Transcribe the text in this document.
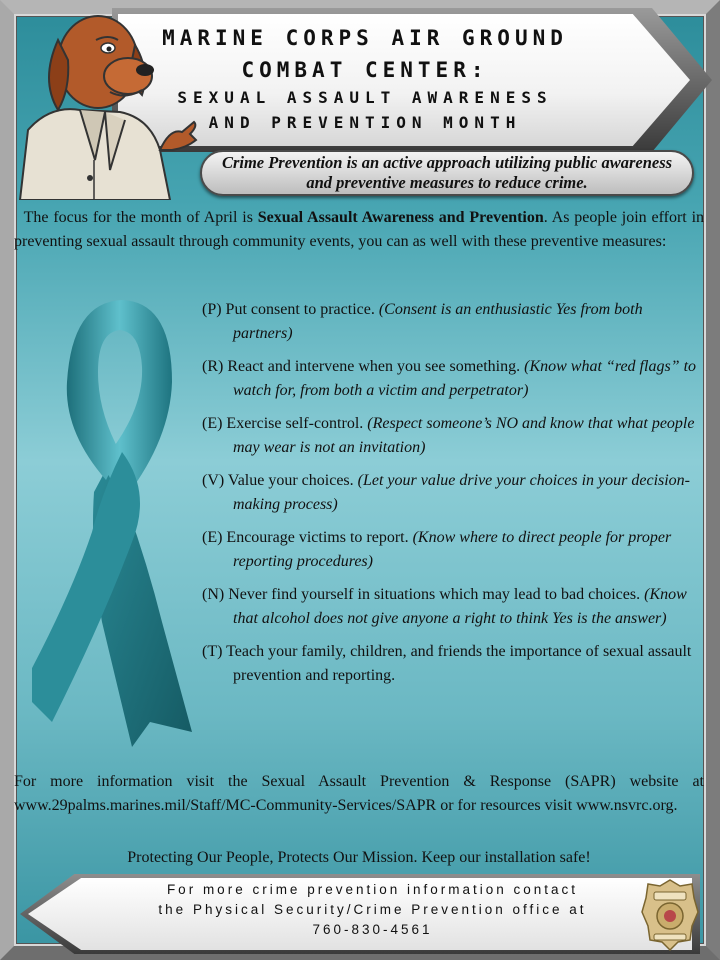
MARINE CORPS AIR GROUND
COMBAT CENTER:
SEXUAL ASSAULT AWARENESS
AND PREVENTION MONTH
Crime Prevention is an active approach utilizing public awareness and preventive measures to reduce crime.
The focus for the month of April is Sexual Assault Awareness and Prevention. As people join effort in preventing sexual assault through community events, you can as well with these preventive measures:
(P) Put consent to practice. (Consent is an enthusiastic Yes from both partners)
(R) React and intervene when you see something. (Know what “red flags” to watch for, from both a victim and perpetrator)
(E) Exercise self-control. (Respect someone’s NO and know that what people may wear is not an invitation)
(V) Value your choices. (Let your value drive your choices in your decision-making process)
(E) Encourage victims to report. (Know where to direct people for proper reporting procedures)
(N) Never find yourself in situations which may lead to bad choices. (Know that alcohol does not give anyone a right to think Yes is the answer)
(T) Teach your family, children, and friends the importance of sexual assault prevention and reporting.
For more information visit the Sexual Assault Prevention & Response (SAPR) website at www.29palms.marines.mil/Staff/MC-Community-Services/SAPR or for resources visit www.nsvrc.org.
Protecting Our People, Protects Our Mission. Keep our installation safe!
For more crime prevention information contact
the Physical Security/Crime Prevention office at
760-830-4561
